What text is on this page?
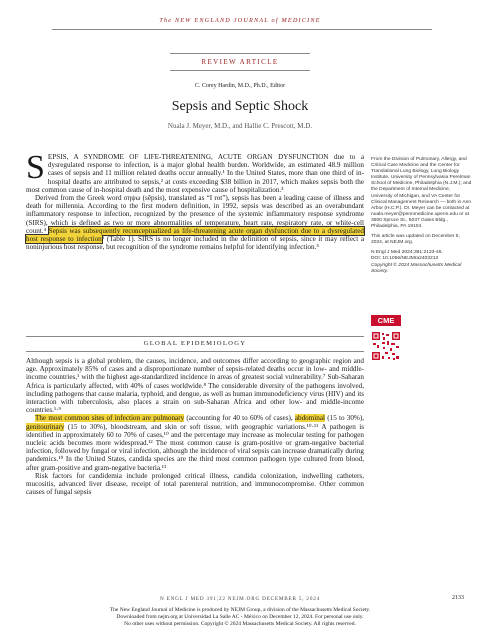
The NEW ENGLAND JOURNAL of MEDICINE
REVIEW ARTICLE
C. Corey Hardin, M.D., Ph.D., Editor
Sepsis and Septic Shock
Nuala J. Meyer, M.D., and Hallie C. Prescott, M.D.

SEPSIS, A SYNDROME OF LIFE-THREATENING, ACUTE ORGAN DYSFUNCTION due to a dysregulated response to infection, is a major global health burden. Worldwide, an estimated 48.9 million cases of sepsis and 11 million related deaths occur annually.¹ In the United States, more than one third of in-hospital deaths are attributed to sepsis,² at costs exceeding $38 billion in 2017, which makes sepsis both the most common cause of in-hospital death and the most expensive cause of hospitalization.³

Derived from the Greek word σηψω (sēpsis), translated as “I rot”), sepsis has been a leading cause of illness and death for millennia. According to the first modern definition, in 1992, sepsis was described as an overabundant inflammatory response to infection, recognized by the presence of the systemic inflammatory response syndrome (SIRS), which is defined as two or more abnormalities of temperature, heart rate, respiratory rate, or white-cell count.⁴ Sepsis was subsequently reconceptualized as life-threatening acute organ dysfunction due to a dysregulated host response to infection⁵ (Table 1). SIRS is no longer included in the definition of sepsis, since it may reflect a noninjurious host response, but recognition of the syndrome remains helpful for identifying infection.⁵

From the Division of Pulmonary, Allergy, and Critical Care Medicine and the Center for Translational Lung Biology, Lung Biology Institute, University of Pennsylvania Perelman School of Medicine, Philadelphia (N.J.M.); and the Department of Internal Medicine, University of Michigan, and VA Center for Clinical Management Research — both in Ann Arbor (H.C.P.). Dr. Meyer can be contacted at nuala.meyer@pennmedicine.upenn.edu or at 3600 Spruce St., 5037 Gates Bldg., Philadelphia, PA 19104.

This article was updated on December 5, 2024, at NEJM.org.

N Engl J Med 2024;391:2133-46.

DOI: 10.1056/NEJMra2403213

Copyright © 2024 Massachusetts Medical Society.

CME
GLOBAL EPIDEMIOLOGY

Although sepsis is a global problem, the causes, incidence, and outcomes differ according to geographic region and age. Approximately 85% of cases and a disproportionate number of sepsis-related deaths occur in low- and middle-income countries,¹ with the highest age-standardized incidence in areas of greatest social vulnerability.⁷ Sub-Saharan Africa is particularly affected, with 40% of cases worldwide.⁸ The considerable diversity of the pathogens involved, including pathogens that cause malaria, typhoid, and dengue, as well as human immunodeficiency virus (HIV) and its interaction with tuberculosis, also places a strain on sub-Saharan Africa and other low- and middle-income countries.¹·⁹

The most common sites of infection are pulmonary (accounting for 40 to 60% of cases), abdominal (15 to 30%), genitourinary (15 to 30%), bloodstream, and skin or soft tissue, with geographic variations.¹⁰·¹¹ A pathogen is identified in approximately 60 to 70% of cases,¹⁰ and the percentage may increase as molecular testing for pathogen nucleic acids becomes more widespread.¹² The most common cause is gram-positive or gram-negative bacterial infection, followed by fungal or viral infection, although the incidence of viral sepsis can increase dramatically during pandemics.¹⁰ In the United States, candida species are the third most common pathogen type cultured from blood, after gram-positive and gram-negative bacteria.¹³

Risk factors for candidemia include prolonged critical illness, candida colonization, indwelling catheters, mucositis, advanced liver disease, receipt of total parenteral nutrition, and immunocompromise. Other common causes of fungal sepsis

N ENGL J MED 391;22 NEJM.ORG DECEMBER 5, 2024	2133
The New England Journal of Medicine is produced by NEJM Group, a division of the Massachusetts Medical Society.
Downloaded from nejm.org at Universidad La Salle AC - México on December 12, 2024. For personal use only.
No other uses without permission. Copyright © 2024 Massachusetts Medical Society. All rights reserved.
